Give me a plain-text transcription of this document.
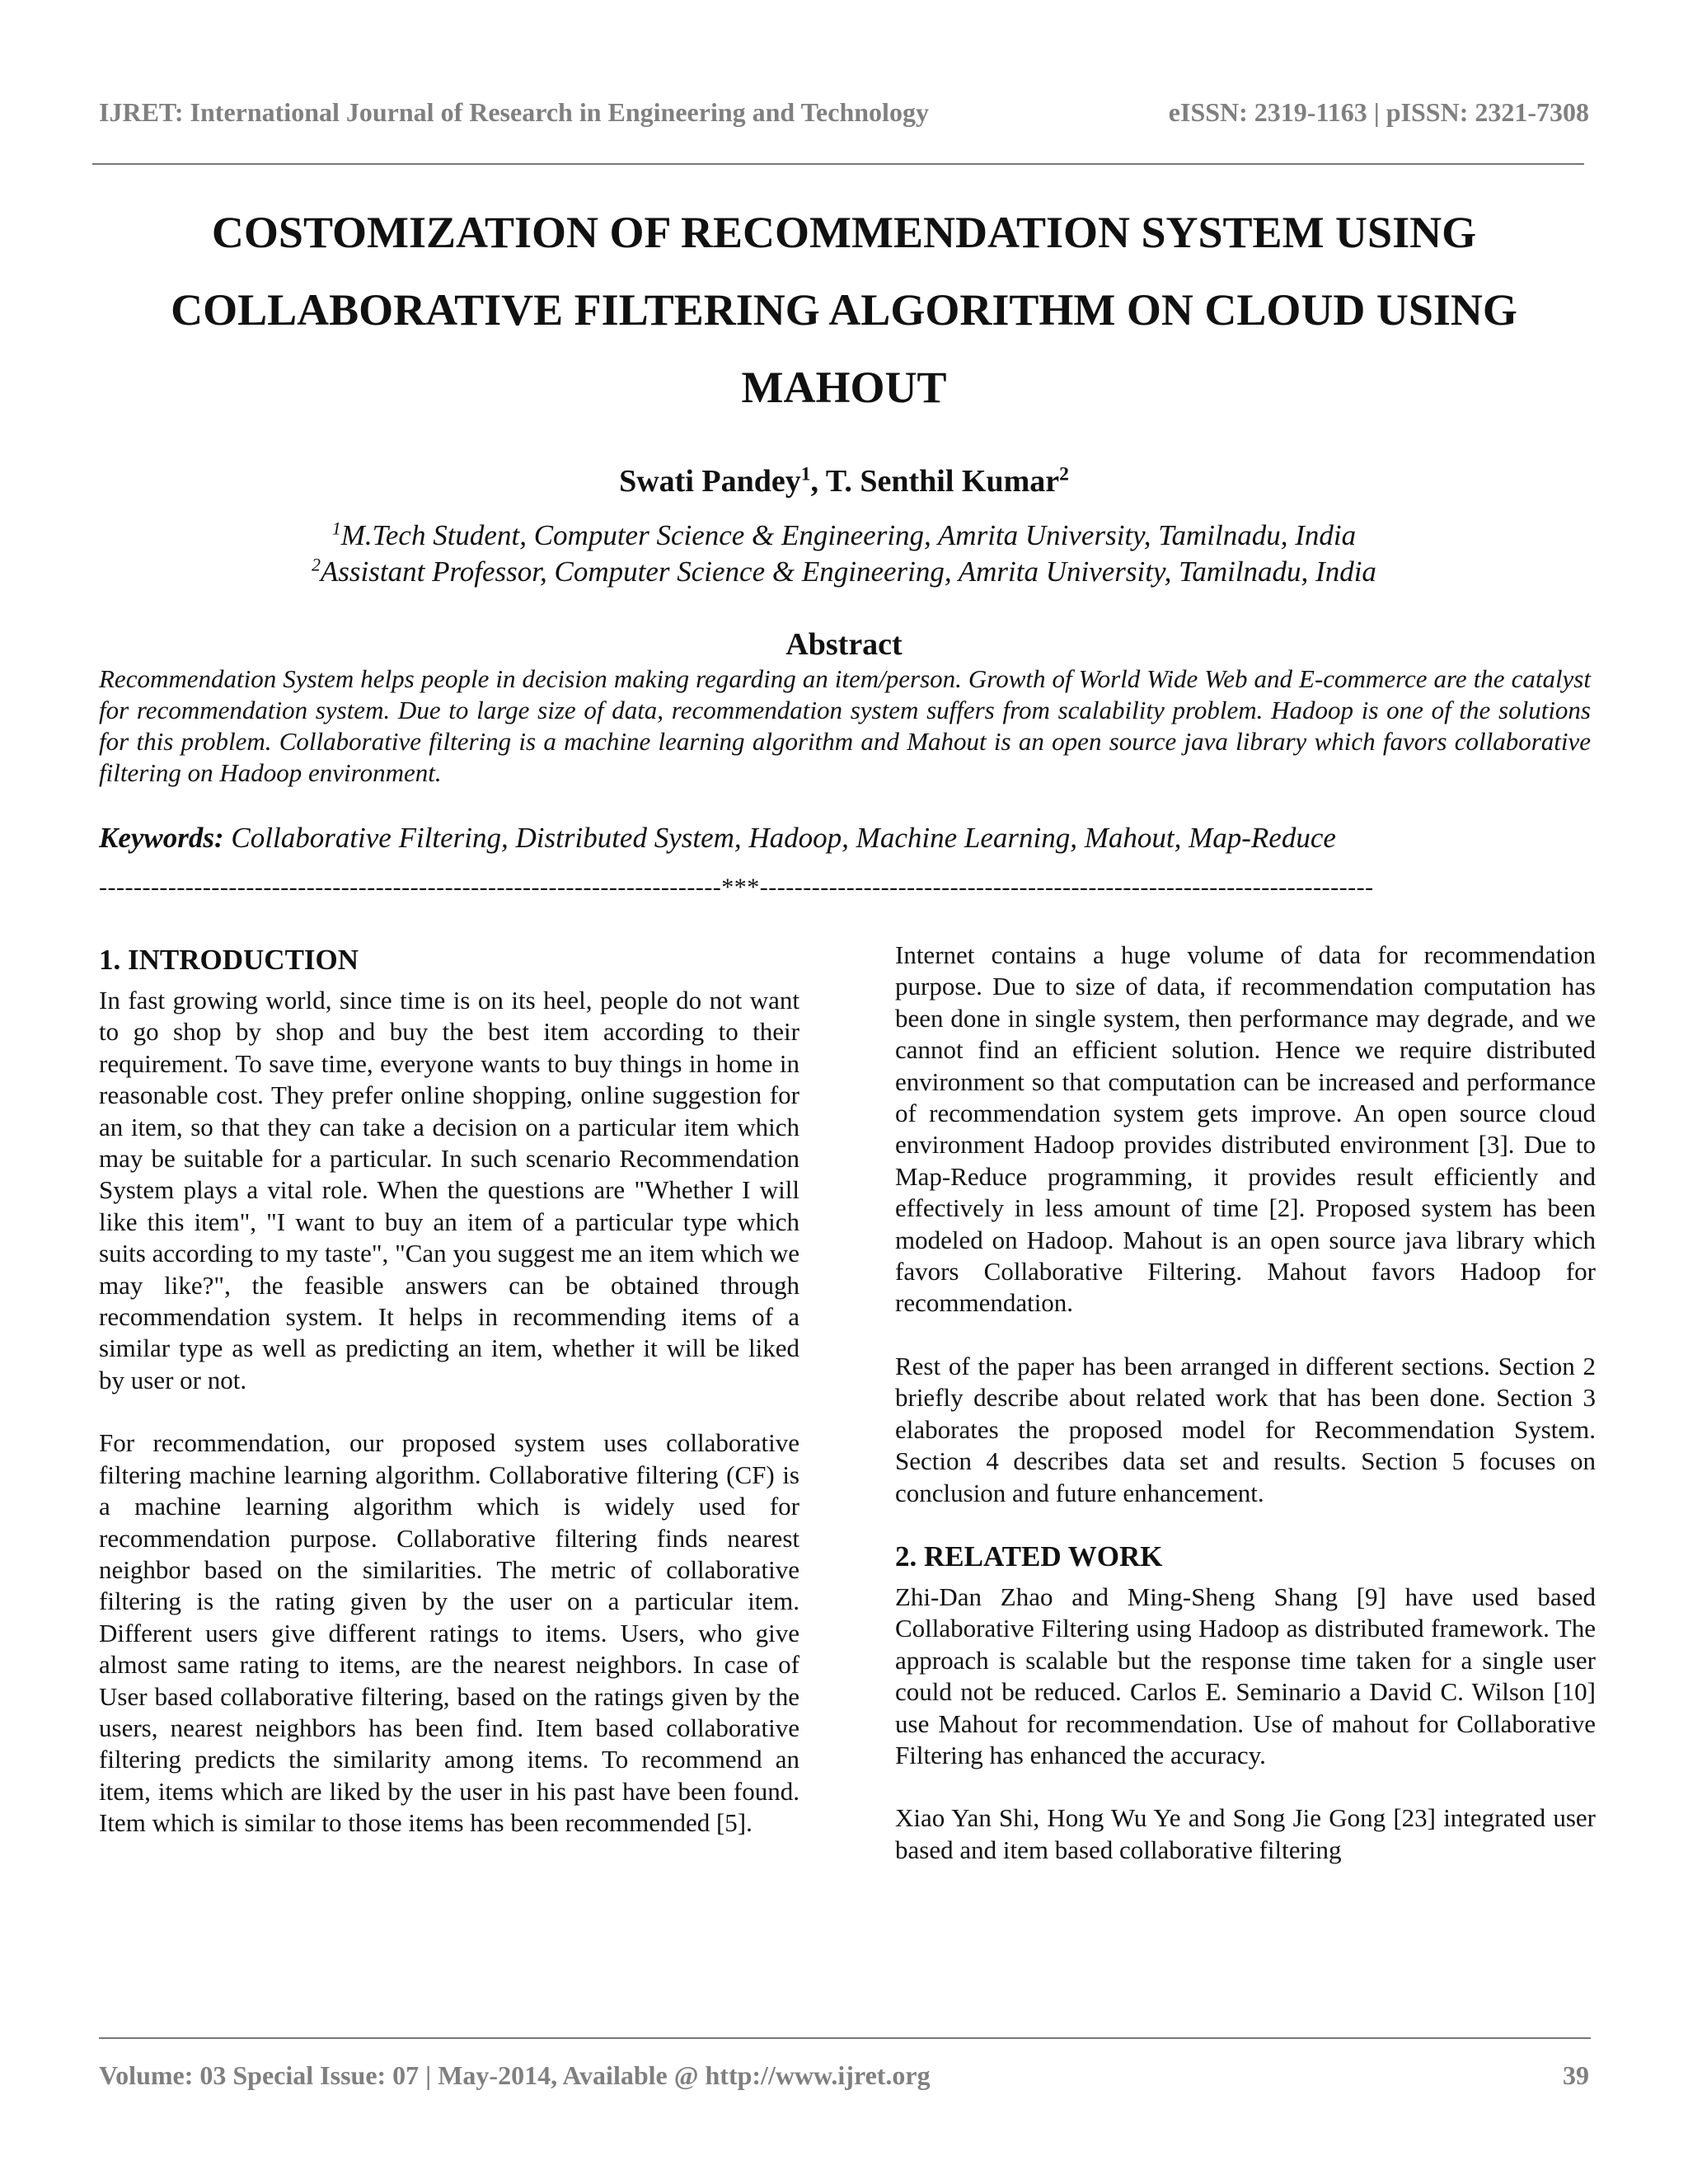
IJRET: International Journal of Research in Engineering and Technology	eISSN: 2319-1163 | pISSN: 2321-7308
COSTOMIZATION OF RECOMMENDATION SYSTEM USING
COLLABORATIVE FILTERING ALGORITHM ON CLOUD USING
MAHOUT
Swati Pandey$^1$, T. Senthil Kumar$^2$
$^1$M.Tech Student, Computer Science & Engineering, Amrita University, Tamilnadu, India
$^2$Assistant Professor, Computer Science & Engineering, Amrita University, Tamilnadu, India
Abstract
Recommendation System helps people in decision making regarding an item/person. Growth of World Wide Web and E-commerce are the catalyst for recommendation system. Due to large size of data, recommendation system suffers from scalability problem. Hadoop is one of the solutions for this problem. Collaborative filtering is a machine learning algorithm and Mahout is an open source java library which favors collaborative filtering on Hadoop environment.
Keywords: Collaborative Filtering, Distributed System, Hadoop, Machine Learning, Mahout, Map-Reduce
------------------------------------------------------------------------***-----------------------------------------------------------------------
1. INTRODUCTION

In fast growing world, since time is on its heel, people do not want to go shop by shop and buy the best item according to their requirement. To save time, everyone wants to buy things in home in reasonable cost. They prefer online shopping, online suggestion for an item, so that they can take a decision on a particular item which may be suitable for a particular. In such scenario Recommendation System plays a vital role. When the questions are "Whether I will like this item", "I want to buy an item of a particular type which suits according to my taste", "Can you suggest me an item which we may like?", the feasible answers can be obtained through recommendation system. It helps in recommending items of a similar type as well as predicting an item, whether it will be liked by user or not.

For recommendation, our proposed system uses collaborative filtering machine learning algorithm. Collaborative filtering (CF) is a machine learning algorithm which is widely used for recommendation purpose. Collaborative filtering finds nearest neighbor based on the similarities. The metric of collaborative filtering is the rating given by the user on a particular item. Different users give different ratings to items. Users, who give almost same rating to items, are the nearest neighbors. In case of User based collaborative filtering, based on the ratings given by the users, nearest neighbors has been find. Item based collaborative filtering predicts the similarity among items. To recommend an item, items which are liked by the user in his past have been found. Item which is similar to those items has been recommended [5].

Internet contains a huge volume of data for recommendation purpose. Due to size of data, if recommendation computation has been done in single system, then performance may degrade, and we cannot find an efficient solution. Hence we require distributed environment so that computation can be increased and performance of recommendation system gets improve. An open source cloud environment Hadoop provides distributed environment [3]. Due to Map-Reduce programming, it provides result efficiently and effectively in less amount of time [2]. Proposed system has been modeled on Hadoop. Mahout is an open source java library which favors Collaborative Filtering. Mahout favors Hadoop for recommendation.

Rest of the paper has been arranged in different sections. Section 2 briefly describe about related work that has been done. Section 3 elaborates the proposed model for Recommendation System. Section 4 describes data set and results. Section 5 focuses on conclusion and future enhancement.

2. RELATED WORK

Zhi-Dan Zhao and Ming-Sheng Shang [9] have used based Collaborative Filtering using Hadoop as distributed framework. The approach is scalable but the response time taken for a single user could not be reduced. Carlos E. Seminario a David C. Wilson [10] use Mahout for recommendation. Use of mahout for Collaborative Filtering has enhanced the accuracy.

Xiao Yan Shi, Hong Wu Ye and Song Jie Gong [23] integrated user based and item based collaborative filtering

Volume: 03 Special Issue: 07 | May-2014, Available @ http://www.ijret.org	39
